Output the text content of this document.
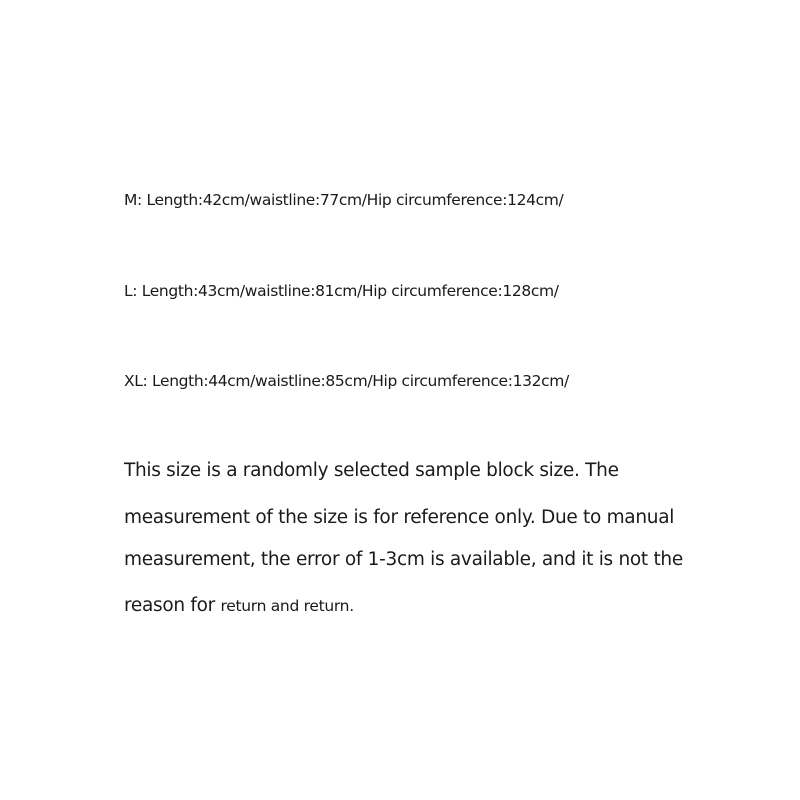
M: Length:42cm/waistline:77cm/Hip circumference:124cm/
L: Length:43cm/waistline:81cm/Hip circumference:128cm/
XL: Length:44cm/waistline:85cm/Hip circumference:132cm/
This size is a randomly selected sample block size. The
measurement of the size is for reference only. Due to manual
measurement, the error of 1-3cm is available, and it is not the
reason for return and return.
